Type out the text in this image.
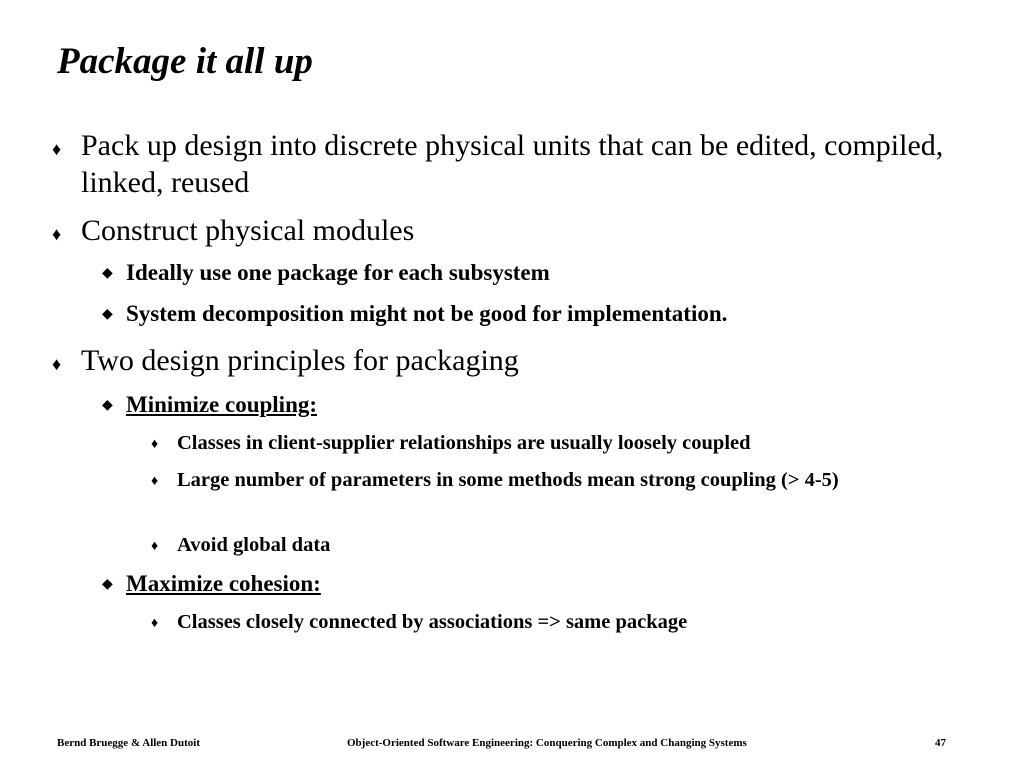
Package it all up
♦ Pack up design into discrete physical units that can be edited, compiled, linked, reused
♦ Construct physical modules
◆ Ideally use one package for each subsystem
◆ System decomposition might not be good for implementation.
♦ Two design principles for packaging
◆ Minimize coupling:
♦ Classes in client-supplier relationships are usually loosely coupled
♦ Large number of parameters in some methods mean strong coupling (> 4-5)
♦ Avoid global data
◆ Maximize cohesion:
♦ Classes closely connected by associations => same package
Bernd Bruegge & Allen Dutoit	Object-Oriented Software Engineering: Conquering Complex and Changing Systems	47
